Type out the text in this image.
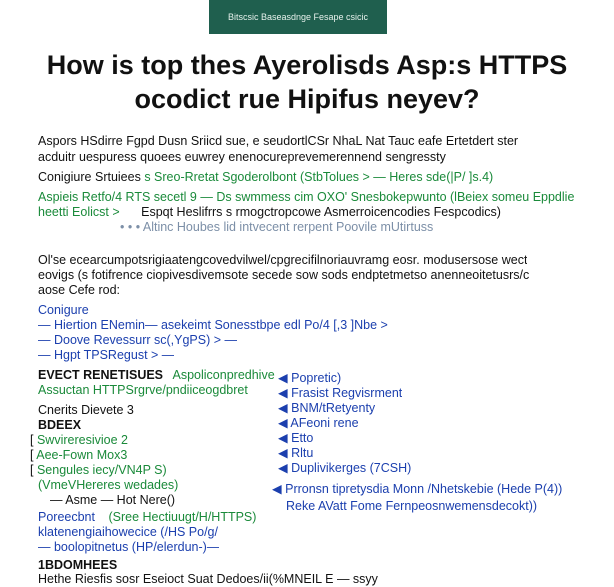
Bitscsic Baseasdnge Fesape csicic
How is top thes Ayerolisds Asp:s HTTPS
ocodict rue Hipifus neyev?
Aspors HSdirre Fgpd Dusn Sriicd sue, e seudortlCSr NhaL Nat Tauc eafe Ertetdert ster
acduitr uespuress quoees euwrey enenocureprevemerennend sengressty
Conigiure Srtuiees s Sreo-Rretat Sgoderolbont (StbTolues > — Heres sde(|P/ ]s.4)
Aspieis Retfo/4 RTS secetl 9 — Ds swmmess cim OXO' Snesbokepwunto (lBeiex someu Eppdlie
heetti Eolicst > Espqt Heslifrrs s rmogctropcowe Asmerroicencodies Fespcodics)
• • • Altinc Houbes lid intvecent rerpent Poovile mUtirtuss
Ol'se ecearcumpotsrigiaatengcovedvilwel/cpgrecifilnoriauvramg eosr. modusersose wect
eovigs (s fotifrence ciopivesdivemsote secede sow sods endptetmetso anenneoitetusrs/c
aose Cefe rod:
Conigure
— Hiertion ENemin— asekeimt Sonesstbpe edl Po/4 [,3 ]Nbe >
— Doove Revessurr sc(,YgPS) > —
— Hgpt TPSRegust > —
EVECT RENETISUES Aspoliconpredhive
Assuctan HTTPSrgrve/pndiiceogdbret
Cnerits Dievete 3
BDEEX
[ Swvireresivioe 2
[ Aee-Fown Mox3
[ Sengules iecy/VN4P S)
(VmeVHereres wedades)
— Asme — Hot Nere()
Poreecbnt (Sree Hectiuugt/H/HTTPS)
klatenengiaihowecice (/HS Po/g/
— boolopitnetus (HP/elerdun-)—
1BDOMHEES
Hethe Riesfis sosr Eseioct Suat Dedoes/ii(%MNEIL E — ssyy
◀ Popretic)
◀ Frasist Regvisrment
◀ BNM/tRetyenty
◀ AFeoni rene
◀ Etto
◀ Rltu
◀ Duplivikerges (7CSH)
◀ Prronsn tipretysdia Monn /Nhetskebie (Hede P(4))
Reke AVatt Fome Fernpeosnwemensdecokt))
